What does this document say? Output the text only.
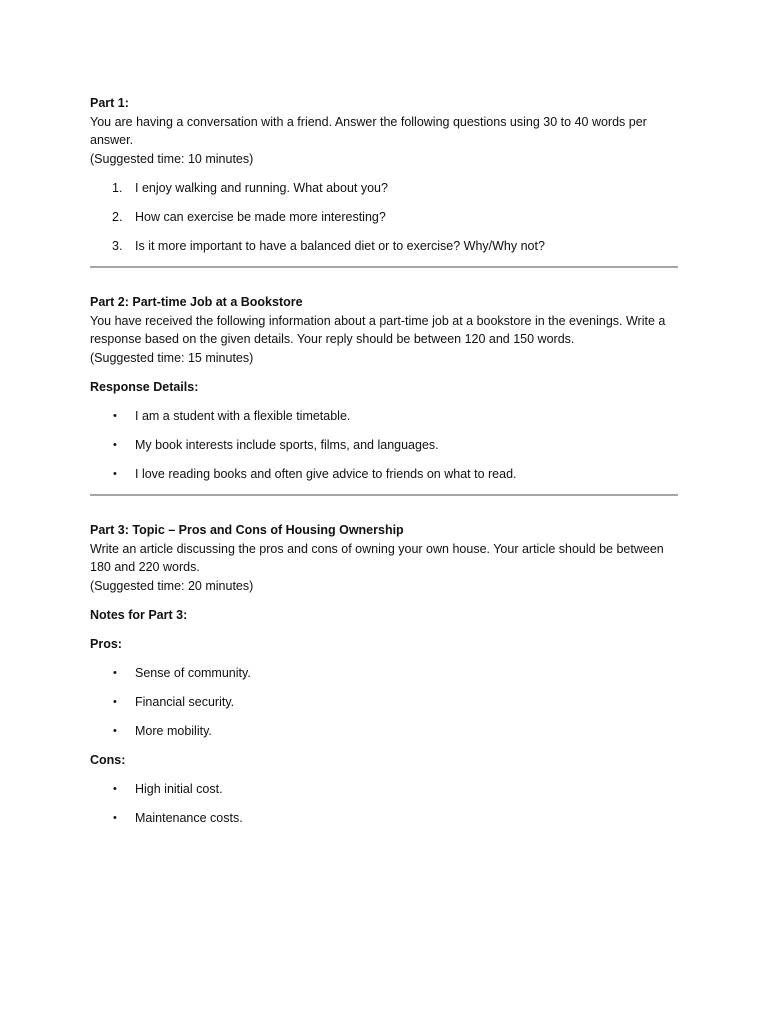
Part 1:

You are having a conversation with a friend. Answer the following questions using 30 to 40 words per answer.

(Suggested time: 10 minutes)

1. I enjoy walking and running. What about you?
2. How can exercise be made more interesting?
3. Is it more important to have a balanced diet or to exercise? Why/Why not?

Part 2: Part-time Job at a Bookstore

You have received the following information about a part-time job at a bookstore in the evenings. Write a response based on the given details. Your reply should be between 120 and 150 words.

(Suggested time: 15 minutes)

Response Details:

• I am a student with a flexible timetable.
• My book interests include sports, films, and languages.
• I love reading books and often give advice to friends on what to read.

Part 3: Topic – Pros and Cons of Housing Ownership

Write an article discussing the pros and cons of owning your own house. Your article should be between 180 and 220 words.

(Suggested time: 20 minutes)

Notes for Part 3:

Pros:

• Sense of community.
• Financial security.
• More mobility.

Cons:

• High initial cost.
• Maintenance costs.
